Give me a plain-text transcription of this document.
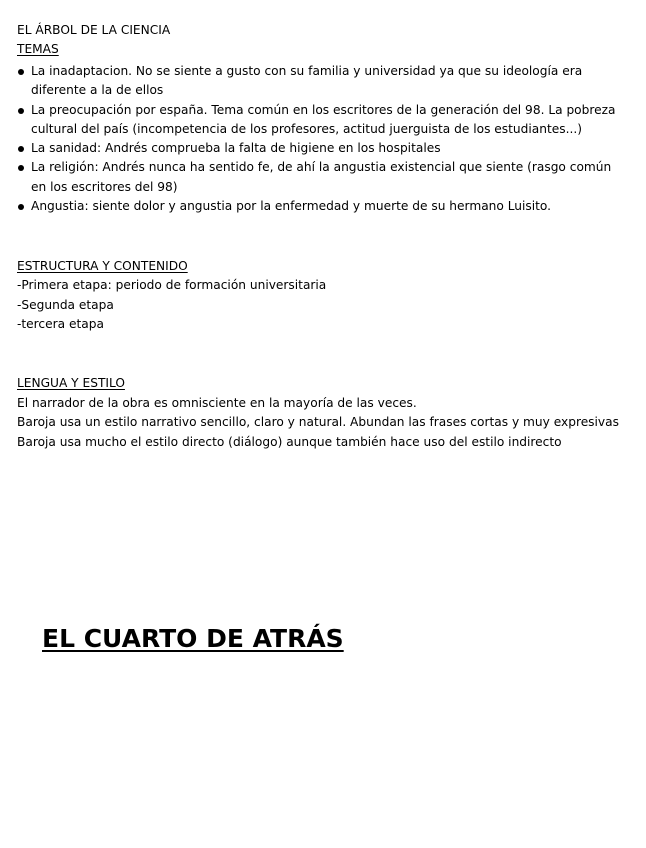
EL ÁRBOL DE LA CIENCIA
TEMAS
La inadaptacion. No se siente a gusto con su familia y universidad ya que su ideología era diferente a la de ellos
La preocupación por españa. Tema común en los escritores de la generación del 98. La pobreza cultural del país (incompetencia de los profesores, actitud juerguista de los estudiantes...)
La sanidad: Andrés comprueba la falta de higiene en los hospitales
La religión: Andrés nunca ha sentido fe, de ahí la angustia existencial que siente (rasgo común en los escritores del 98)
Angustia: siente dolor y angustia por la enfermedad y muerte de su hermano Luisito.
ESTRUCTURA Y CONTENIDO
-Primera etapa: periodo de formación universitaria
-Segunda etapa
-tercera etapa
LENGUA Y ESTILO
El narrador de la obra es omnisciente en la mayoría de las veces.
Baroja usa un estilo narrativo sencillo, claro y natural. Abundan las frases cortas y muy expresivas
Baroja usa mucho el estilo directo (diálogo) aunque también hace uso del estilo indirecto
EL CUARTO DE ATRÁS
